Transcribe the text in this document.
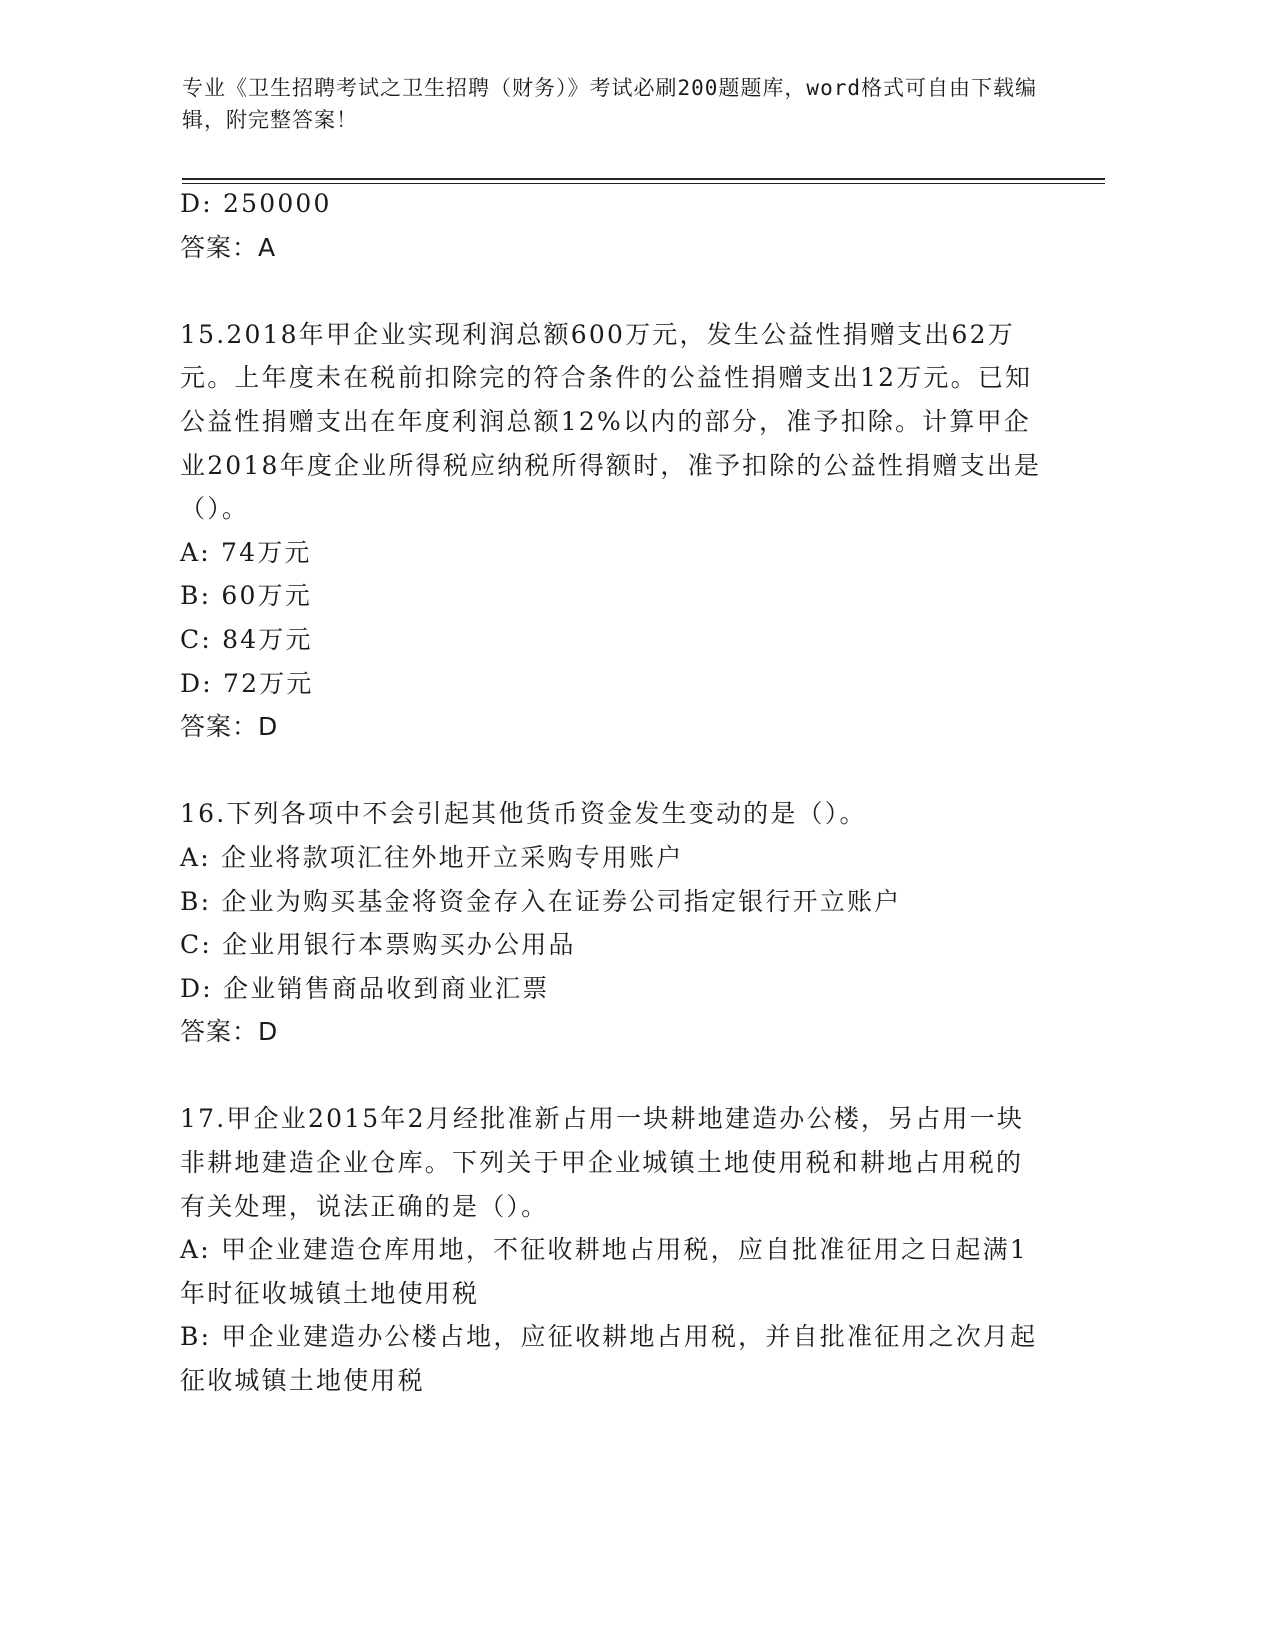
专业《卫生招聘考试之卫生招聘（财务）》考试必刷200题题库，word格式可自由下载编辑，附完整答案！

D: 250000

答案：A

15.2018年甲企业实现利润总额600万元，发生公益性捐赠支出62万元。上年度未在税前扣除完的符合条件的公益性捐赠支出12万元。已知公益性捐赠支出在年度利润总额12%以内的部分，准予扣除。计算甲企业2018年度企业所得税应纳税所得额时，准予扣除的公益性捐赠支出是（）。

A: 74万元

B: 60万元

C: 84万元

D: 72万元

答案：D

16.下列各项中不会引起其他货币资金发生变动的是（）。

A: 企业将款项汇往外地开立采购专用账户

B: 企业为购买基金将资金存入在证券公司指定银行开立账户

C: 企业用银行本票购买办公用品

D: 企业销售商品收到商业汇票

答案：D

17.甲企业2015年2月经批准新占用一块耕地建造办公楼，另占用一块非耕地建造企业仓库。下列关于甲企业城镇土地使用税和耕地占用税的有关处理，说法正确的是（）。

A: 甲企业建造仓库用地，不征收耕地占用税，应自批准征用之日起满1年时征收城镇土地使用税

B: 甲企业建造办公楼占地，应征收耕地占用税，并自批准征用之次月起征收城镇土地使用税
